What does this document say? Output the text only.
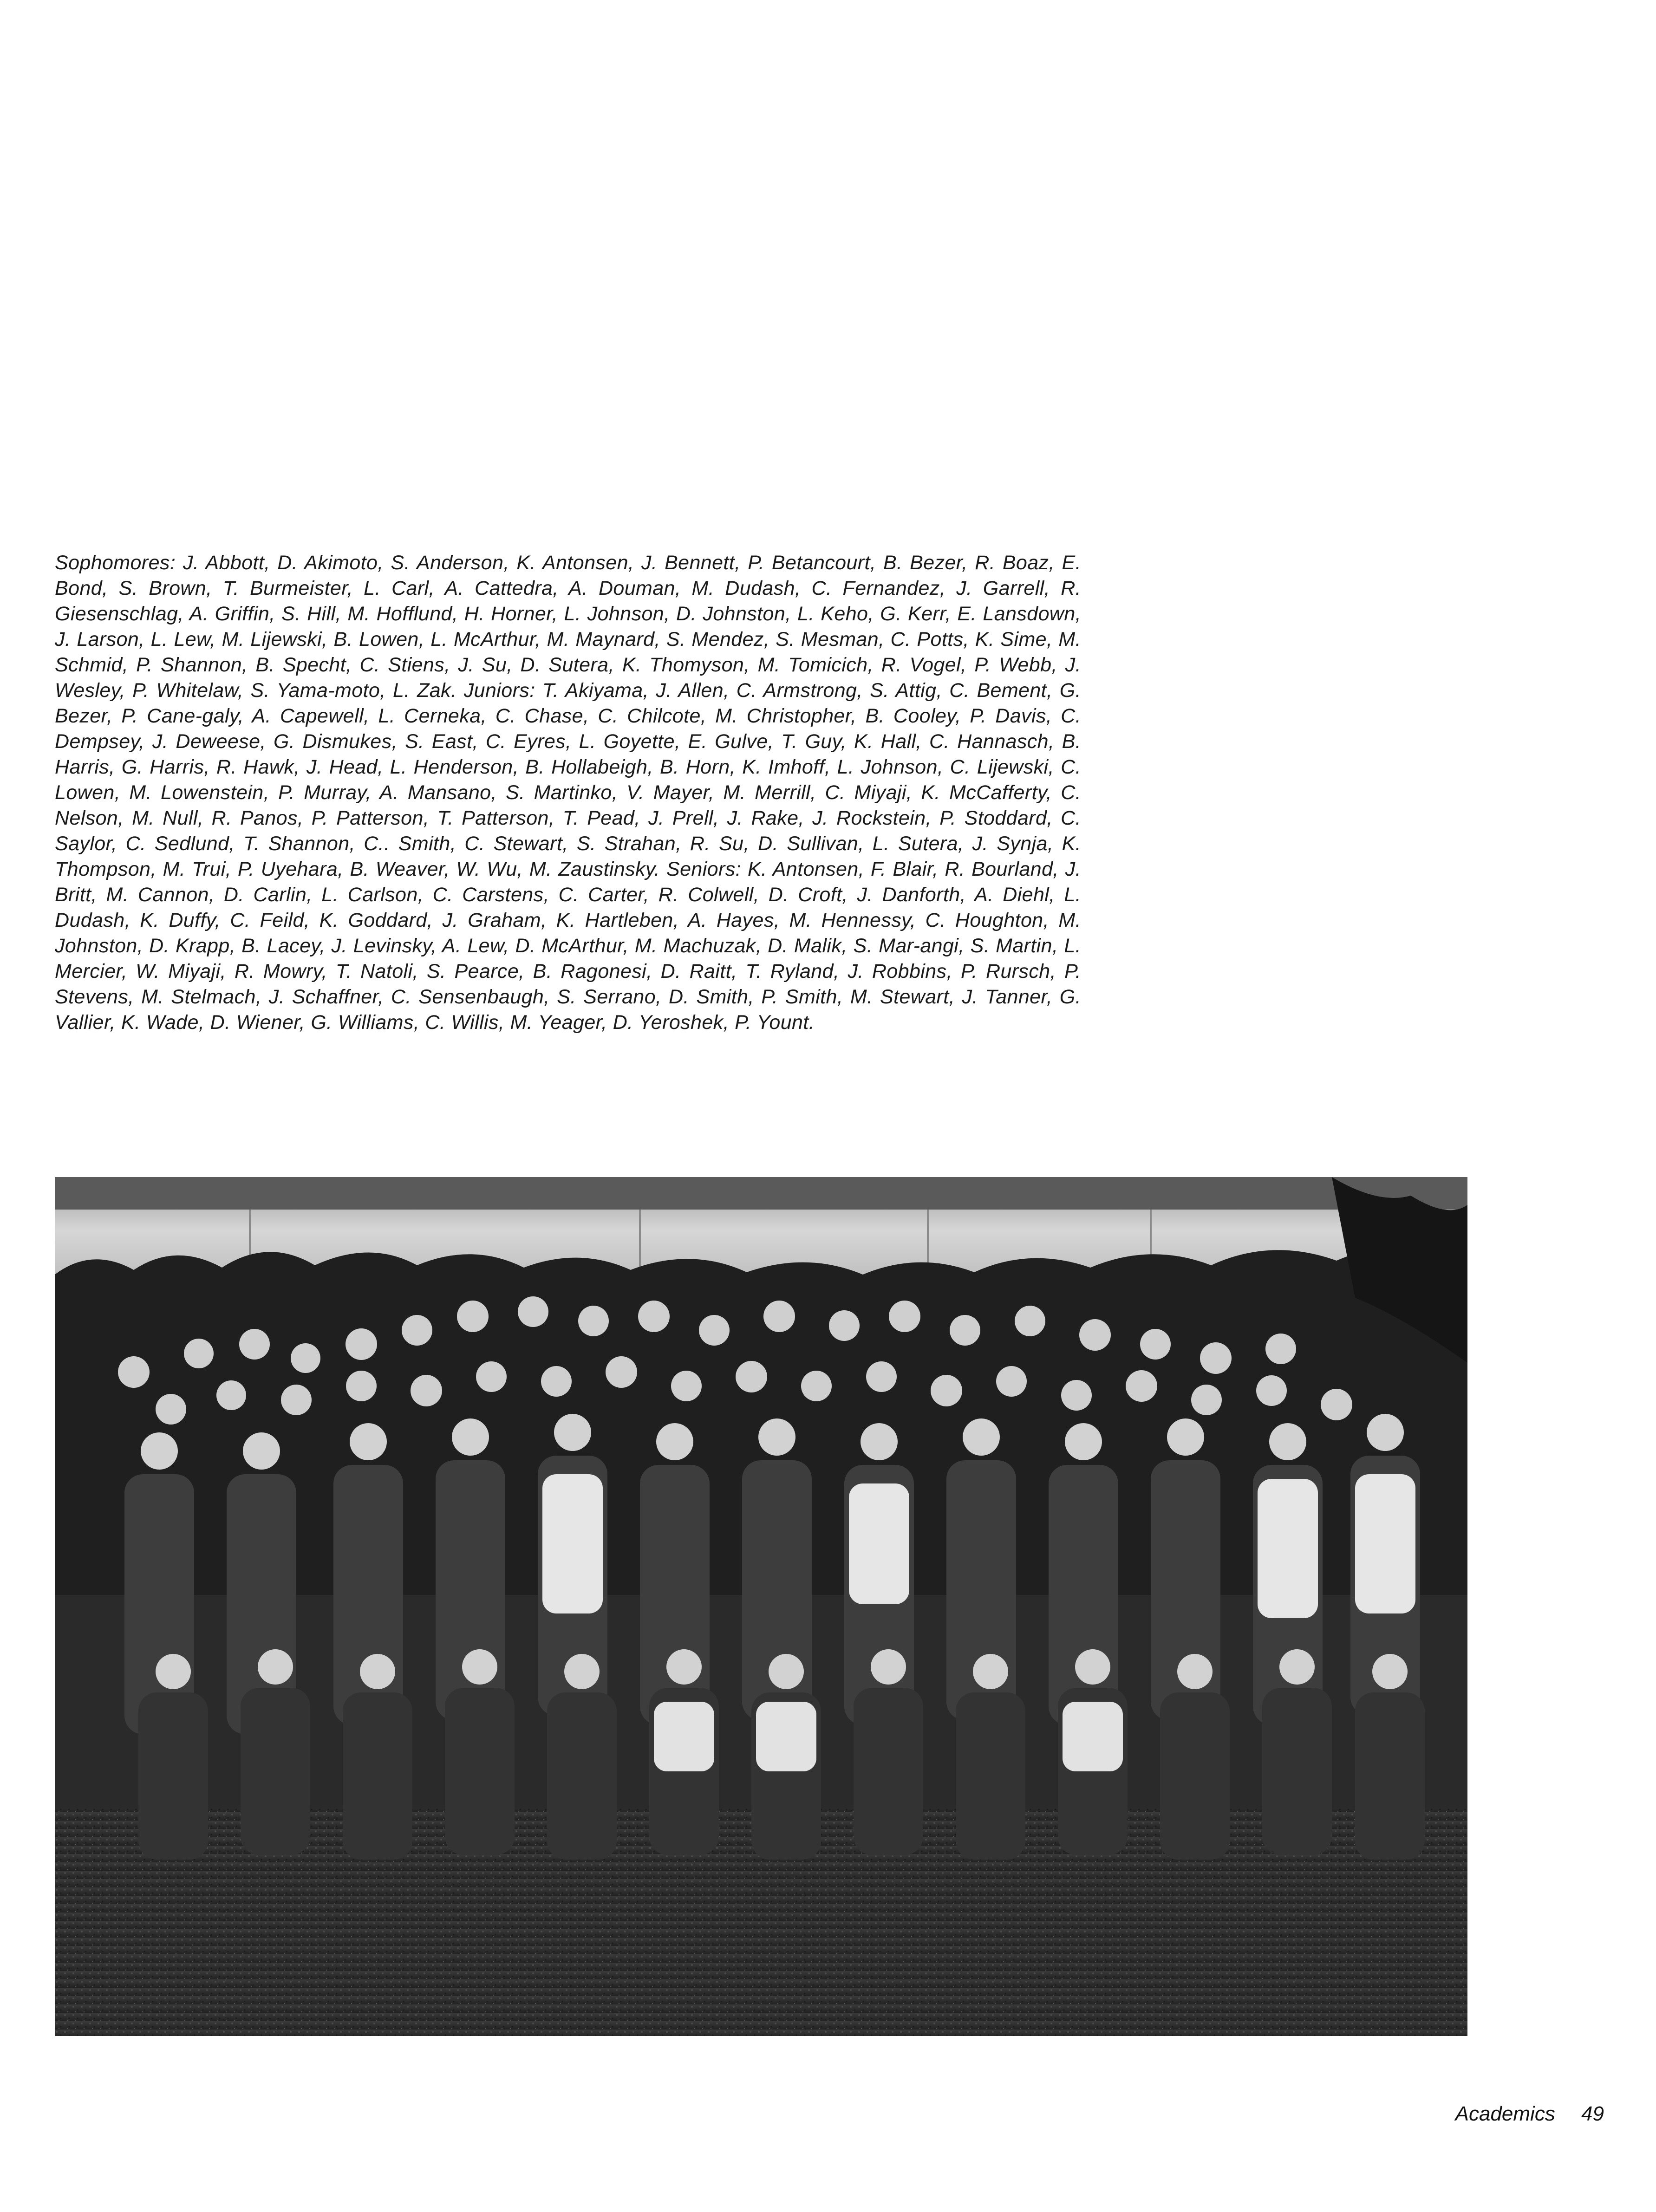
Sophomores: J. Abbott, D. Akimoto, S. Anderson, K. Antonsen, J. Bennett, P. Betancourt, B. Bezer, R. Boaz, E. Bond, S. Brown, T. Burmeister, L. Carl, A. Cattedra, A. Douman, M. Dudash, C. Fernandez, J. Garrell, R. Giesenschlag, A. Griffin, S. Hill, M. Hofflund, H. Horner, L. Johnson, D. Johnston, L. Keho, G. Kerr, E. Lansdown, J. Larson, L. Lew, M. Lijewski, B. Lowen, L. McArthur, M. Maynard, S. Mendez, S. Mesman, C. Potts, K. Sime, M. Schmid, P. Shannon, B. Specht, C. Stiens, J. Su, D. Sutera, K. Thomyson, M. Tomicich, R. Vogel, P. Webb, J. Wesley, P. Whitelaw, S. Yama-moto, L. Zak. Juniors: T. Akiyama, J. Allen, C. Armstrong, S. Attig, C. Bement, G. Bezer, P. Cane-galy, A. Capewell, L. Cerneka, C. Chase, C. Chilcote, M. Christopher, B. Cooley, P. Davis, C. Dempsey, J. Deweese, G. Dismukes, S. East, C. Eyres, L. Goyette, E. Gulve, T. Guy, K. Hall, C. Hannasch, B. Harris, G. Harris, R. Hawk, J. Head, L. Henderson, B. Hollabeigh, B. Horn, K. Imhoff, L. Johnson, C. Lijewski, C. Lowen, M. Lowenstein, P. Murray, A. Mansano, S. Martinko, V. Mayer, M. Merrill, C. Miyaji, K. McCafferty, C. Nelson, M. Null, R. Panos, P. Patterson, T. Patterson, T. Pead, J. Prell, J. Rake, J. Rockstein, P. Stoddard, C. Saylor, C. Sedlund, T. Shannon, C.. Smith, C. Stewart, S. Strahan, R. Su, D. Sullivan, L. Sutera, J. Synja, K. Thompson, M. Trui, P. Uyehara, B. Weaver, W. Wu, M. Zaustinsky. Seniors: K. Antonsen, F. Blair, R. Bourland, J. Britt, M. Cannon, D. Carlin, L. Carlson, C. Carstens, C. Carter, R. Colwell, D. Croft, J. Danforth, A. Diehl, L. Dudash, K. Duffy, C. Feild, K. Goddard, J. Graham, K. Hartleben, A. Hayes, M. Hennessy, C. Houghton, M. Johnston, D. Krapp, B. Lacey, J. Levinsky, A. Lew, D. McArthur, M. Machuzak, D. Malik, S. Mar-angi, S. Martin, L. Mercier, W. Miyaji, R. Mowry, T. Natoli, S. Pearce, B. Ragonesi, D. Raitt, T. Ryland, J. Robbins, P. Rursch, P. Stevens, M. Stelmach, J. Schaffner, C. Sensenbaugh, S. Serrano, D. Smith, P. Smith, M. Stewart, J. Tanner, G. Vallier, K. Wade, D. Wiener, G. Williams, C. Willis, M. Yeager, D. Yeroshek, P. Yount.
Academics 49
